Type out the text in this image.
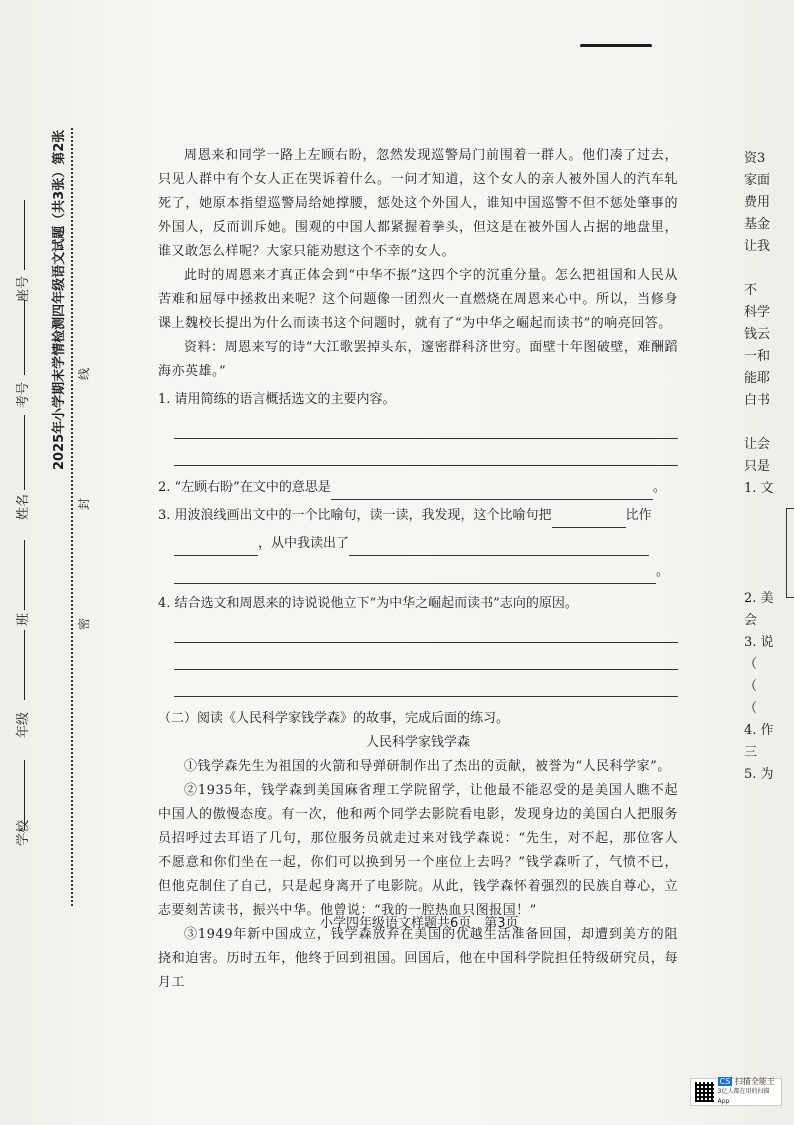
2025年小学期末学情检测四年级语文试题（共3张）第2张
学校
年级
班
姓名
考号
座号
密
封
线

周恩来和同学一路上左顾右盼，忽然发现巡警局门前围着一群人。他们凑了过去，只见人群中有个女人正在哭诉着什么。一问才知道，这个女人的亲人被外国人的汽车轧死了，她原本指望巡警局给她撑腰，惩处这个外国人，谁知中国巡警不但不惩处肇事的外国人，反而训斥她。围观的中国人都紧握着拳头，但这是在被外国人占据的地盘里，谁又敢怎么样呢？大家只能劝慰这个不幸的女人。

此时的周恩来才真正体会到“中华不振”这四个字的沉重分量。怎么把祖国和人民从苦难和屈辱中拯救出来呢？这个问题像一团烈火一直燃烧在周恩来心中。所以，当修身课上魏校长提出为什么而读书这个问题时，就有了“为中华之崛起而读书”的响亮回答。

资料：周恩来写的诗“大江歌罢掉头东，邃密群科济世穷。面壁十年图破壁，难酬蹈海亦英雄。”

1. 请用简练的语言概括选文的主要内容。

2. “左顾右盼”在文中的意思是	。

3. 用波浪线画出文中的一个比喻句，读一读，我发现，这个比喻句把	比作

，从中我读出了

。

4. 结合选文和周恩来的诗说说他立下“为中华之崛起而读书”志向的原因。

（二）阅读《人民科学家钱学森》的故事，完成后面的练习。

人民科学家钱学森

①钱学森先生为祖国的火箭和导弹研制作出了杰出的贡献，被誉为“人民科学家”。

②1935年，钱学森到美国麻省理工学院留学，让他最不能忍受的是美国人瞧不起中国人的傲慢态度。有一次，他和两个同学去影院看电影，发现身边的美国白人把服务员招呼过去耳语了几句，那位服务员就走过来对钱学森说：“先生，对不起，那位客人不愿意和你们坐在一起，你们可以换到另一个座位上去吗？”钱学森听了，气愤不已，但他克制住了自己，只是起身离开了电影院。从此，钱学森怀着强烈的民族自尊心，立志要刻苦读书，振兴中华。他曾说：“我的一腔热血只图报国！”

③1949年新中国成立，钱学森放弃在美国的优越生活准备回国，却遭到美方的阻挠和迫害。历时五年，他终于回到祖国。回国后，他在中国科学院担任特级研究员，每月工

小学四年级语文样题共6页　第3页
资3
家面
费用
基金
让我
不
科学
钱云
一和
能耶
白书
让会
只是
1. 文
2. 美
会
3. 说
（
（
（
4. 作
三
5. 为
CS 扫描全能王
3亿人都在用的扫描App
